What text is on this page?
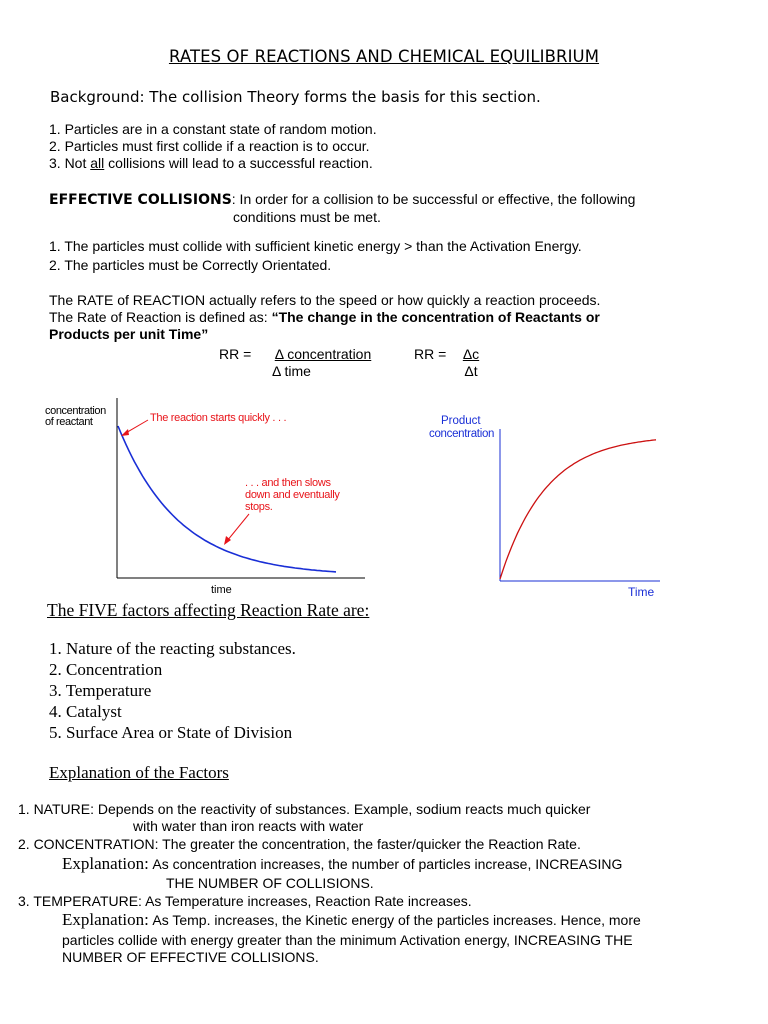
RATES OF REACTIONS AND CHEMICAL EQUILIBRIUM
Background: The collision Theory forms the basis for this section.
1. Particles are in a constant state of random motion.
2. Particles must first collide if a reaction is to occur.
3. Not all collisions will lead to a successful reaction.
EFFECTIVE COLLISIONS: In order for a collision to be successful or effective, the following
conditions must be met.
1. The particles must collide with sufficient kinetic energy > than the Activation Energy.
2. The particles must be Correctly Orientated.
The RATE of REACTION actually refers to the speed or how quickly a reaction proceeds.
The Rate of Reaction is defined as: “The change in the concentration of Reactants or
Products per unit Time”
RR =	Δ concentration
Δ time
RR = $\frac{\Delta c}{\Delta t}$
concentration
of reactant	The reaction starts quickly . . .
. . . and then slows
down and eventually
stops.
time
Product
concentration
Time
The FIVE factors affecting Reaction Rate are:
1. Nature of the reacting substances.
2. Concentration
3. Temperature
4. Catalyst
5. Surface Area or State of Division
Explanation of the Factors
1. NATURE: Depends on the reactivity of substances. Example, sodium reacts much quicker
with water than iron reacts with water
2. CONCENTRATION: The greater the concentration, the faster/quicker the Reaction Rate.
Explanation: As concentration increases, the number of particles increase, INCREASING
THE NUMBER OF COLLISIONS.
3. TEMPERATURE: As Temperature increases, Reaction Rate increases.
Explanation: As Temp. increases, the Kinetic energy of the particles increases. Hence, more
particles collide with energy greater than the minimum Activation energy, INCREASING THE
NUMBER OF EFFECTIVE COLLISIONS.
